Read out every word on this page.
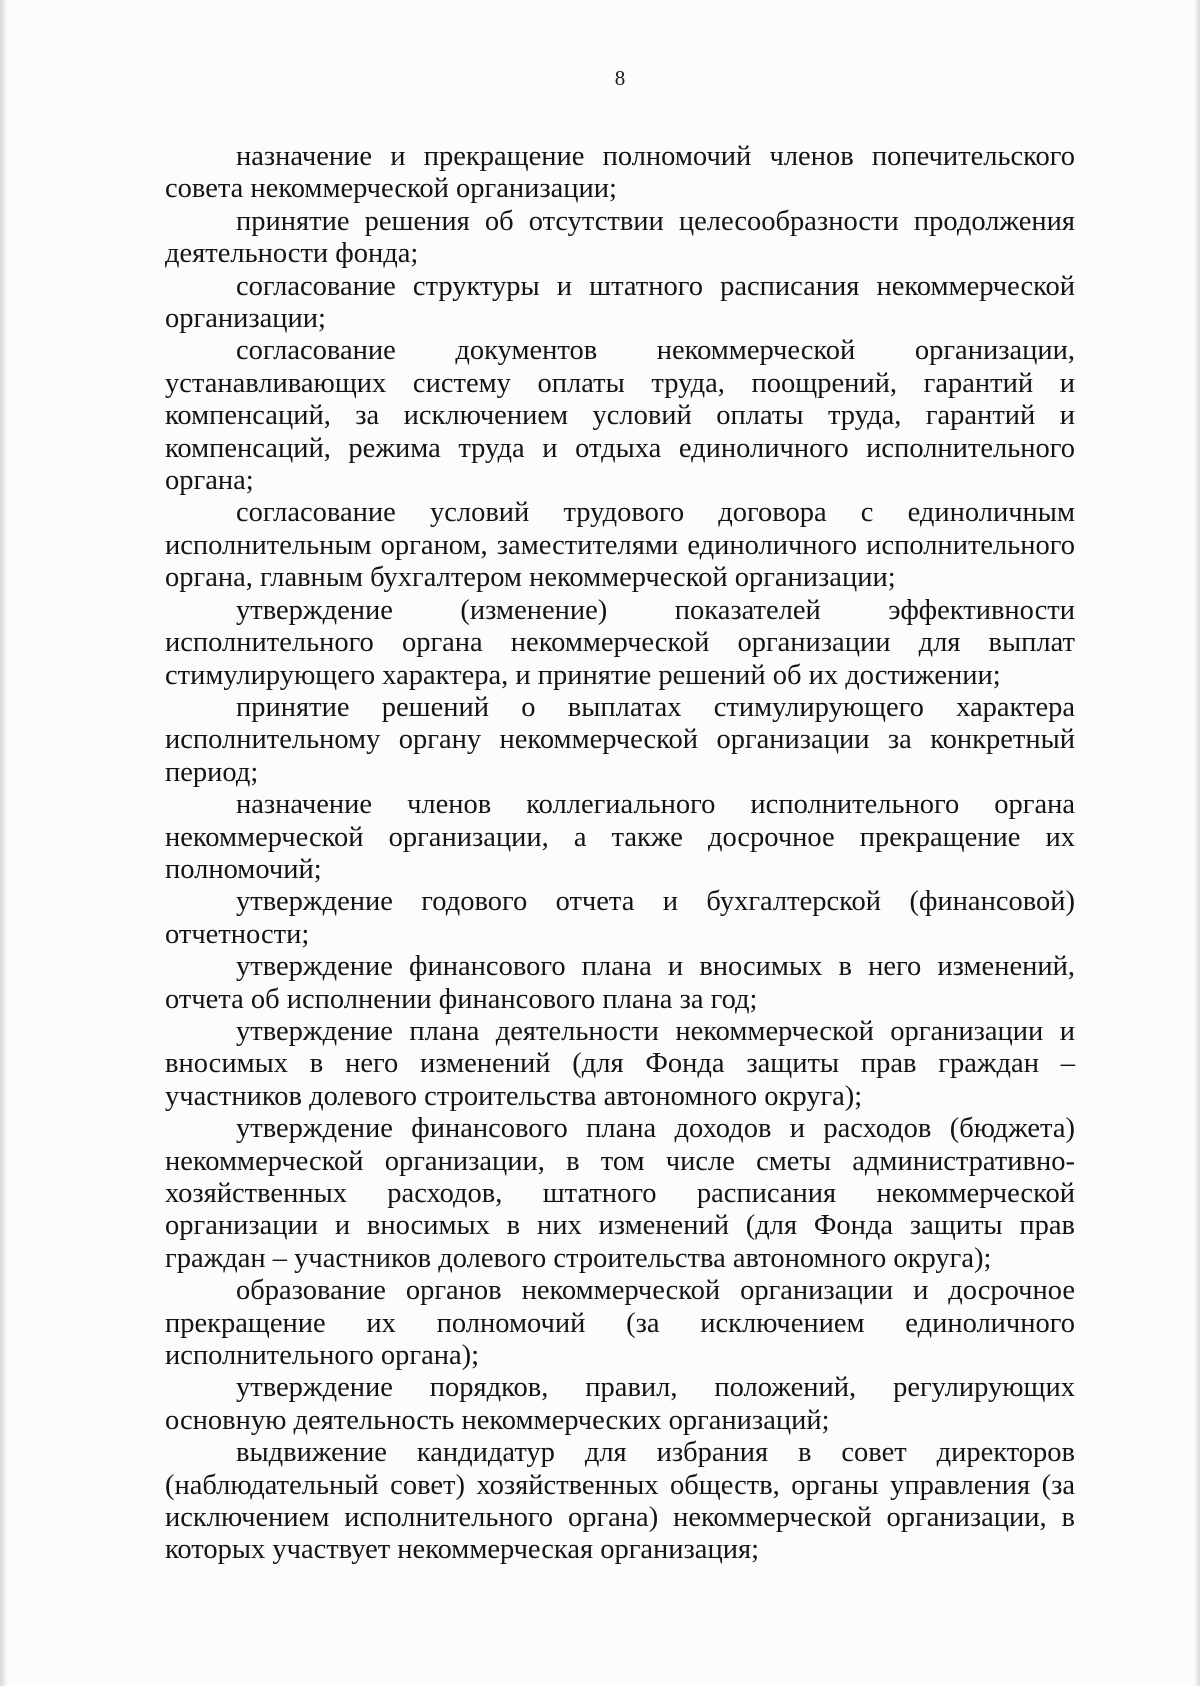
8

назначение и прекращение полномочий членов попечительского совета некоммерческой организации;

принятие решения об отсутствии целесообразности продолжения деятельности фонда;

согласование структуры и штатного расписания некоммерческой организации;

согласование документов некоммерческой организации, устанавливающих систему оплаты труда, поощрений, гарантий и компенсаций, за исключением условий оплаты труда, гарантий и компенсаций, режима труда и отдыха единоличного исполнительного органа;

согласование условий трудового договора с единоличным исполнительным органом, заместителями единоличного исполнительного органа, главным бухгалтером некоммерческой организации;

утверждение (изменение) показателей эффективности исполнительного органа некоммерческой организации для выплат стимулирующего характера, и принятие решений об их достижении;

принятие решений о выплатах стимулирующего характера исполнительному органу некоммерческой организации за конкретный период;

назначение членов коллегиального исполнительного органа некоммерческой организации, а также досрочное прекращение их полномочий;

утверждение годового отчета и бухгалтерской (финансовой) отчетности;

утверждение финансового плана и вносимых в него изменений, отчета об исполнении финансового плана за год;

утверждение плана деятельности некоммерческой организации и вносимых в него изменений (для Фонда защиты прав граждан – участников долевого строительства автономного округа);

утверждение финансового плана доходов и расходов (бюджета) некоммерческой организации, в том числе сметы административно-хозяйственных расходов, штатного расписания некоммерческой организации и вносимых в них изменений (для Фонда защиты прав граждан – участников долевого строительства автономного округа);

образование органов некоммерческой организации и досрочное прекращение их полномочий (за исключением единоличного исполнительного органа);

утверждение порядков, правил, положений, регулирующих основную деятельность некоммерческих организаций;

выдвижение кандидатур для избрания в совет директоров (наблюдательный совет) хозяйственных обществ, органы управления (за исключением исполнительного органа) некоммерческой организации, в которых участвует некоммерческая организация;
